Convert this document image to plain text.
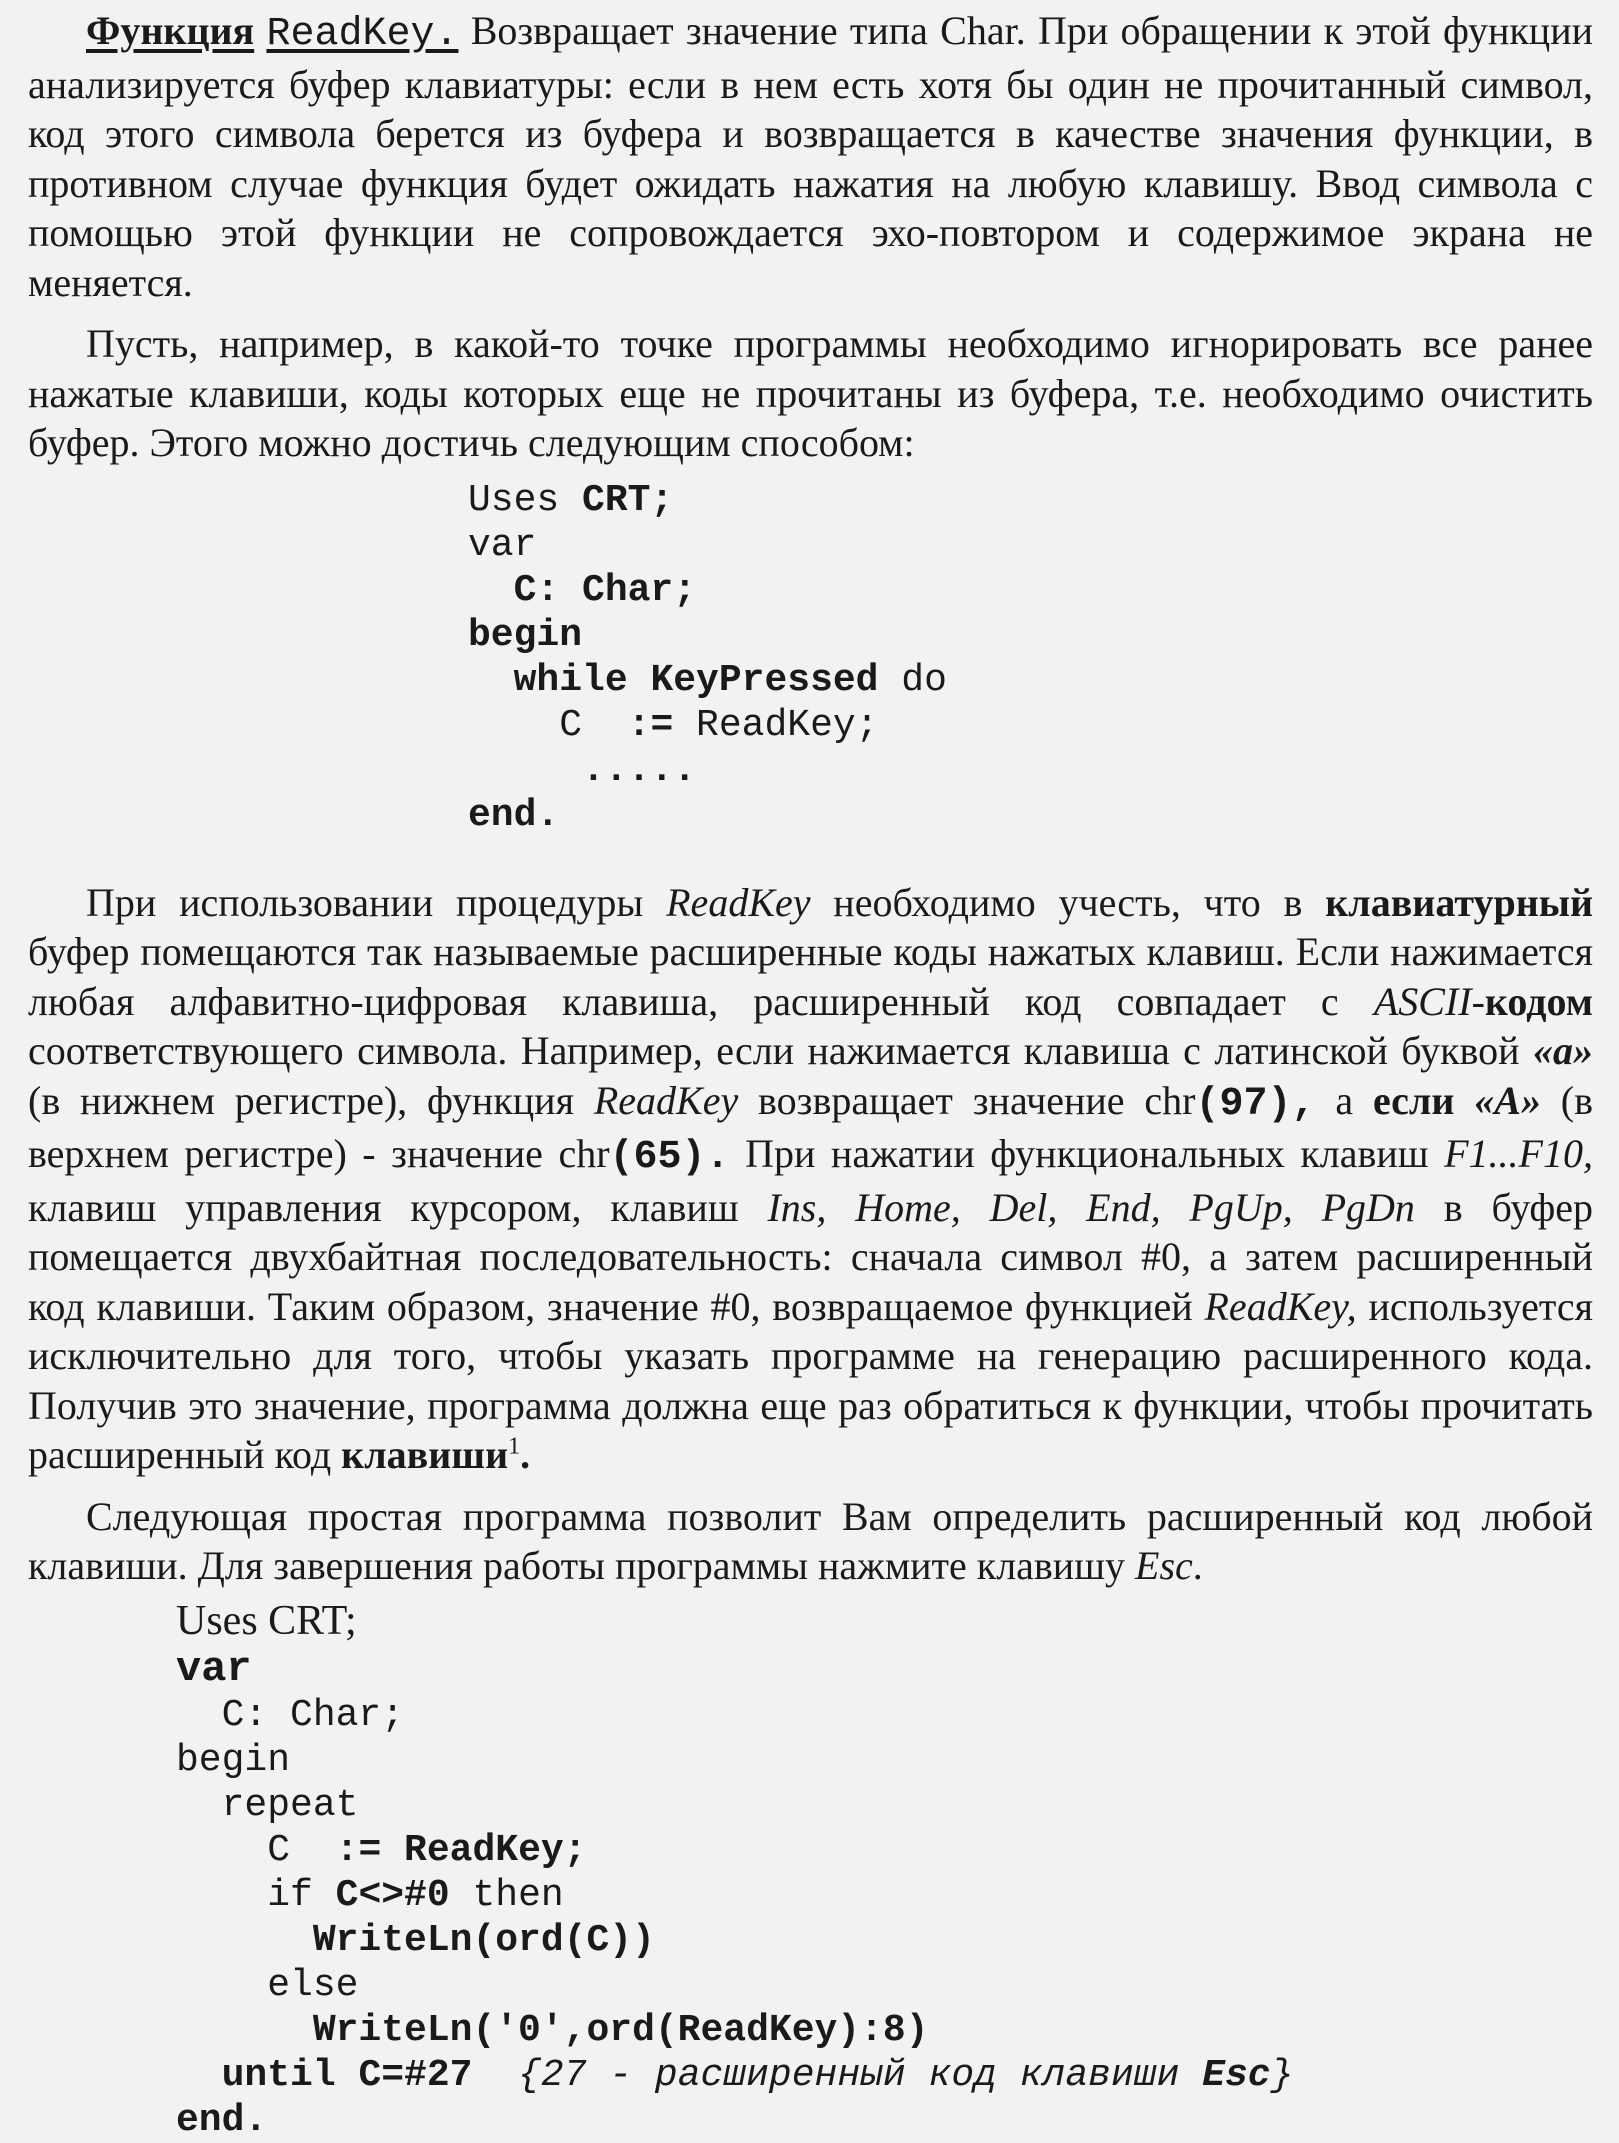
Функция ReadKey. Возвращает значение типа Char. При обращении к этой функции анализируется буфер клавиатуры: если в нем есть хотя бы один не прочитанный символ, код этого символа берется из буфера и возвращается в качестве значения функции, в противном случае функция будет ожидать нажатия на любую клавишу. Ввод символа с помощью этой функции не сопровождается эхо-повтором и содержимое экрана не меняется.

Пусть, например, в какой-то точке программы необходимо игнорировать все ранее нажатые клавиши, коды которых еще не прочитаны из буфера, т.е. необходимо очистить буфер. Этого можно достичь следующим способом:

Uses CRT;
var
C: Char;
begin
while KeyPressed do
C  := ReadKey;
.....
end.

При использовании процедуры ReadKey необходимо учесть, что в клавиатурный буфер помещаются так называемые расширенные коды нажатых клавиш. Если нажимается любая алфавитно-цифровая клавиша, расширенный код совпадает с ASCII-кодом соответствующего символа. Например, если нажимается клавиша с латинской буквой «а» (в нижнем регистре), функция ReadKey возвращает значение chr(97), а если «А» (в верхнем регистре) - значение chr(65). При нажатии функциональных клавиш F1...F10, клавиш управления курсором, клавиш Ins, Home, Del, End, PgUp, PgDn в буфер помещается двухбайтная последовательность: сначала символ #0, а затем расширенный код клавиши. Таким образом, значение #0, возвращаемое функцией ReadKey, используется исключительно для того, чтобы указать программе на генерацию расширенного кода. Получив это значение, программа должна еще раз обратиться к функции, чтобы прочитать расширенный код клавиши$^1$.

Следующая простая программа позволит Вам определить расширенный код любой клавиши. Для завершения работы программы нажмите клавишу Esc.

Uses CRT;
var
C: Char;
begin
repeat
C  := ReadKey;
if C<>#0 then
WriteLn(ord(C))
else
WriteLn('0',ord(ReadKey):8)
until C=#27  {27 - расширенный код клавиши Esc}
end.
